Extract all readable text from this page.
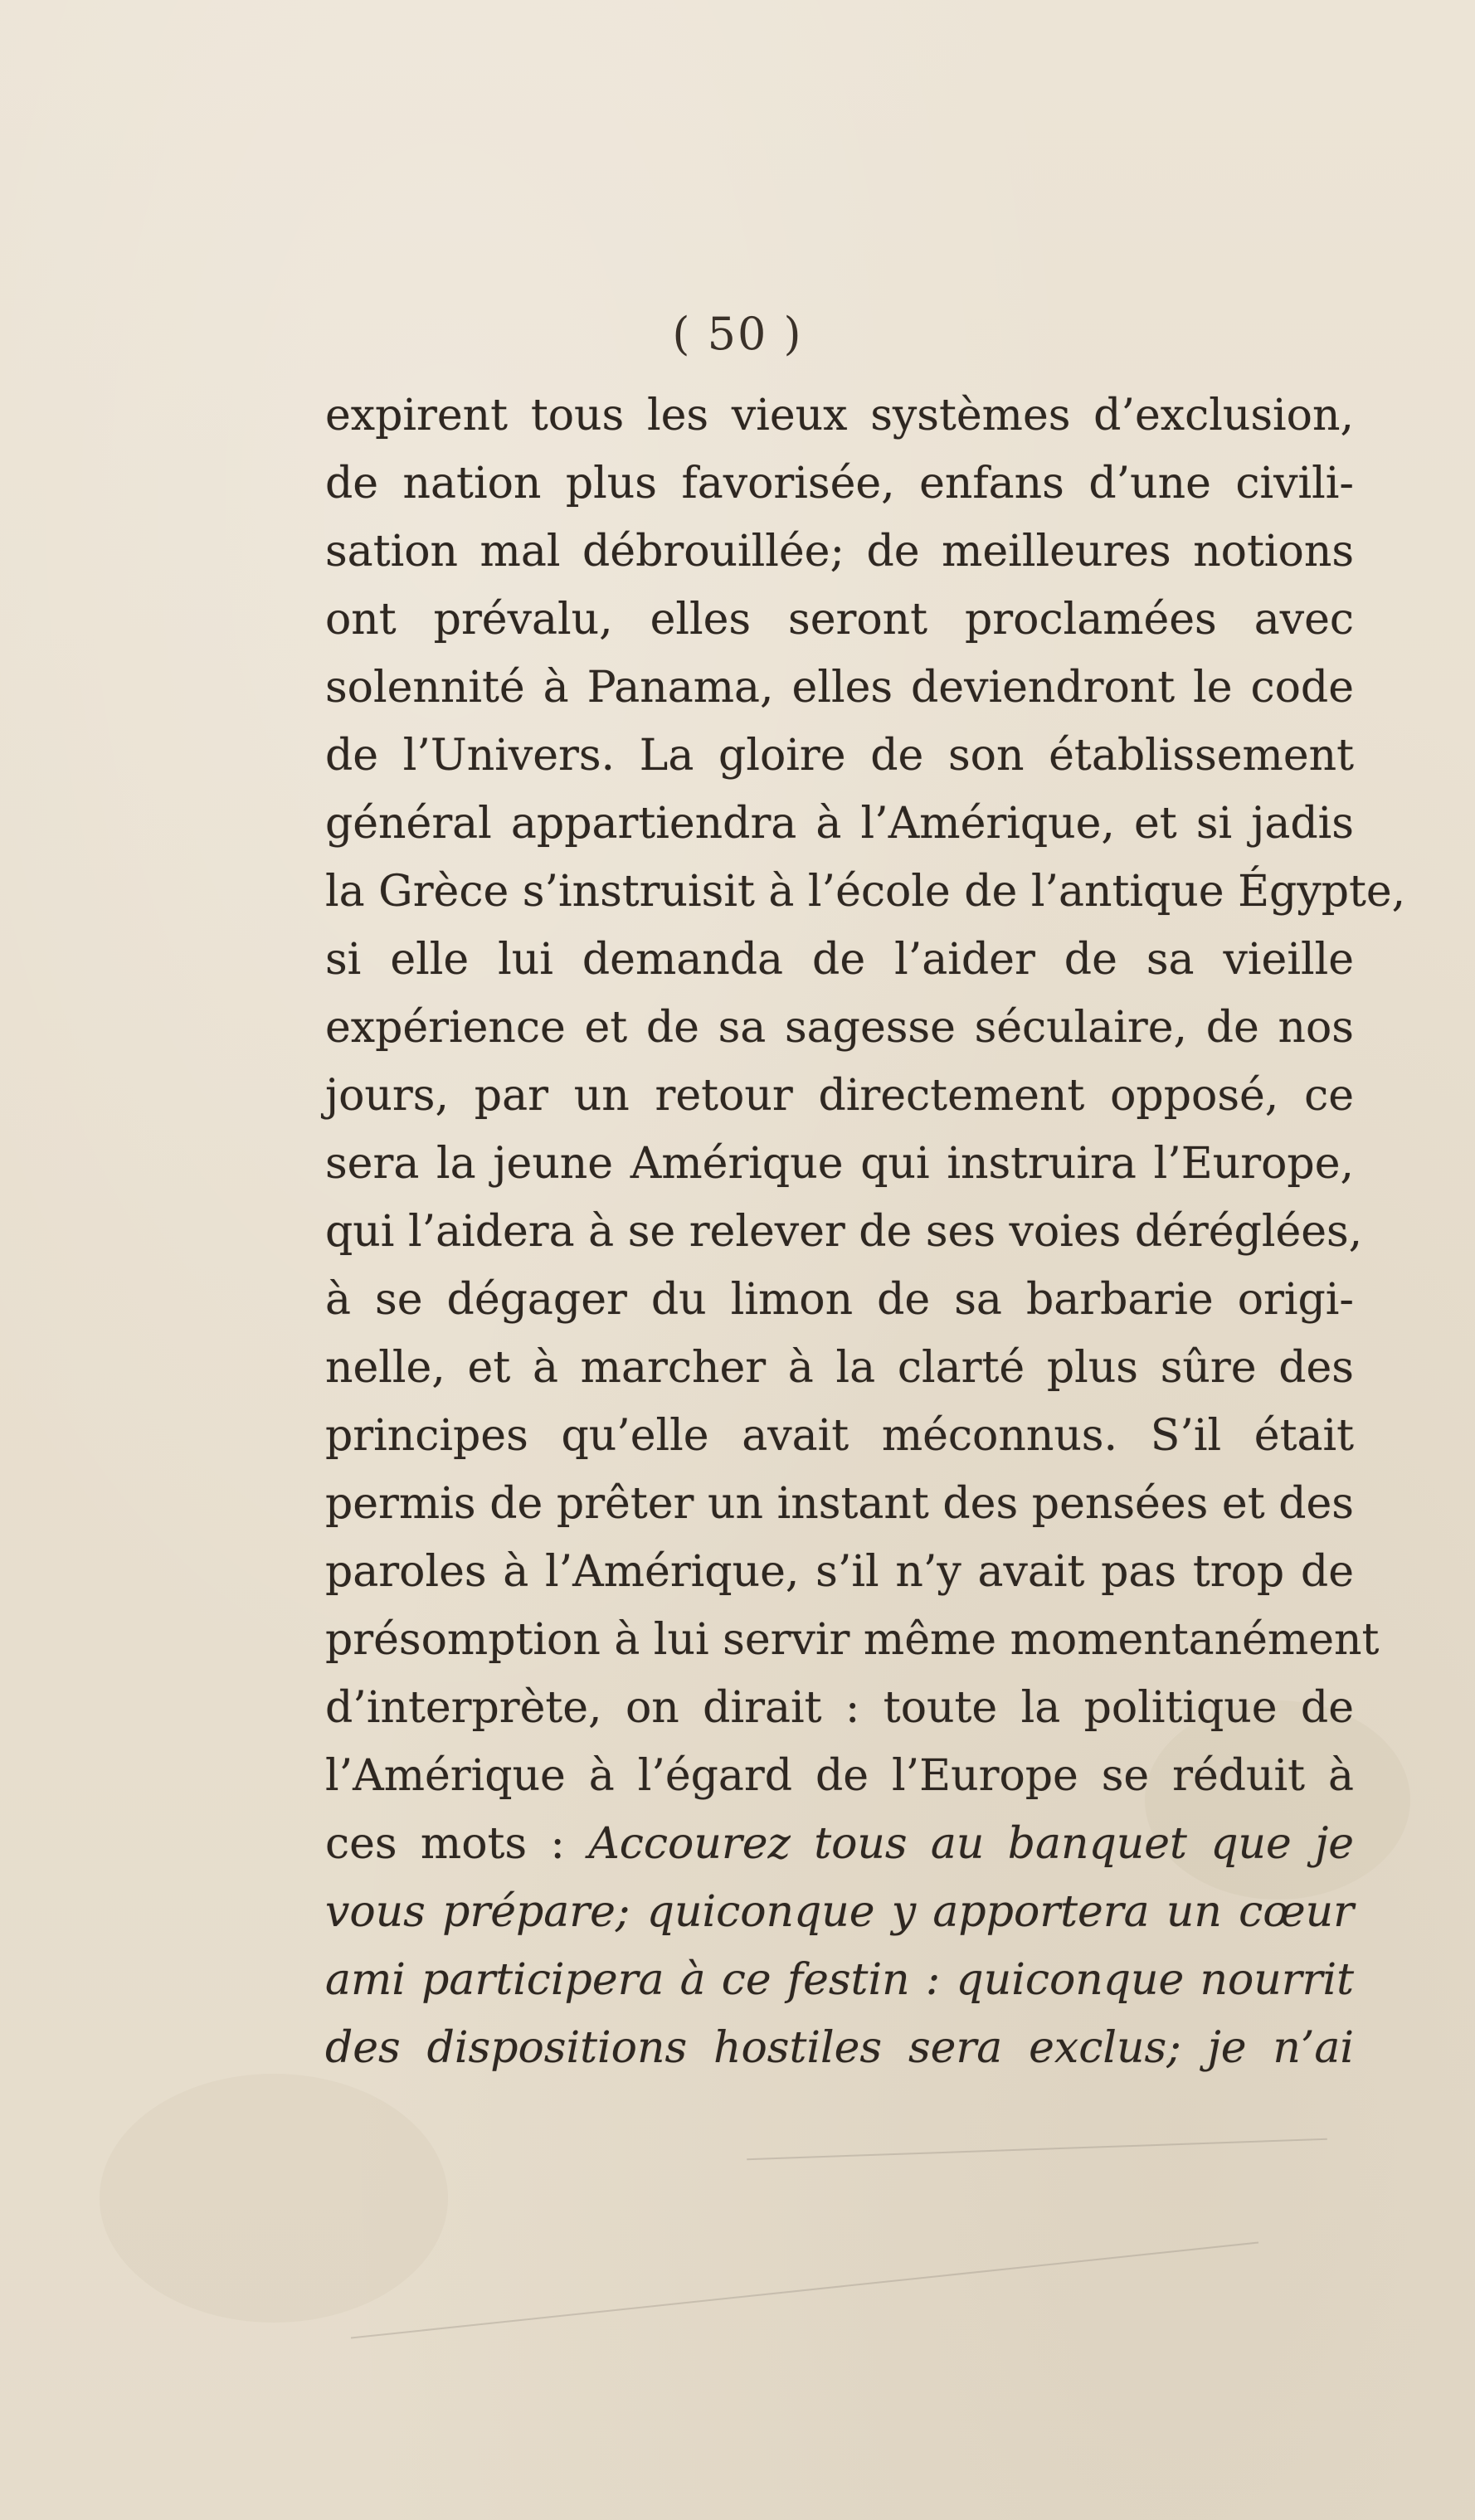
( 50 )
expirent tous les vieux systèmes d’exclusion,
de nation plus favorisée, enfans d’une civili-
sation mal débrouillée; de meilleures notions
ont prévalu, elles seront proclamées avec
solennité à Panama, elles deviendront le code
de l’Univers. La gloire de son établissement
général appartiendra à l’Amérique, et si jadis
la Grèce s’instruisit à l’école de l’antique Égypte,
si elle lui demanda de l’aider de sa vieille
expérience et de sa sagesse séculaire, de nos
jours, par un retour directement opposé, ce
sera la jeune Amérique qui instruira l’Europe,
qui l’aidera à se relever de ses voies déréglées,
à se dégager du limon de sa barbarie origi-
nelle, et à marcher à la clarté plus sûre des
principes qu’elle avait méconnus. S’il était
permis de prêter un instant des pensées et des
paroles à l’Amérique, s’il n’y avait pas trop de
présomption à lui servir même momentanément
d’interprète, on dirait : toute la politique de
l’Amérique à l’égard de l’Europe se réduit à
ces mots : Accourez tous au banquet que je
vous prépare; quiconque y apportera un cœur
ami participera à ce festin : quiconque nourrit
des dispositions hostiles sera exclus; je n’ai
